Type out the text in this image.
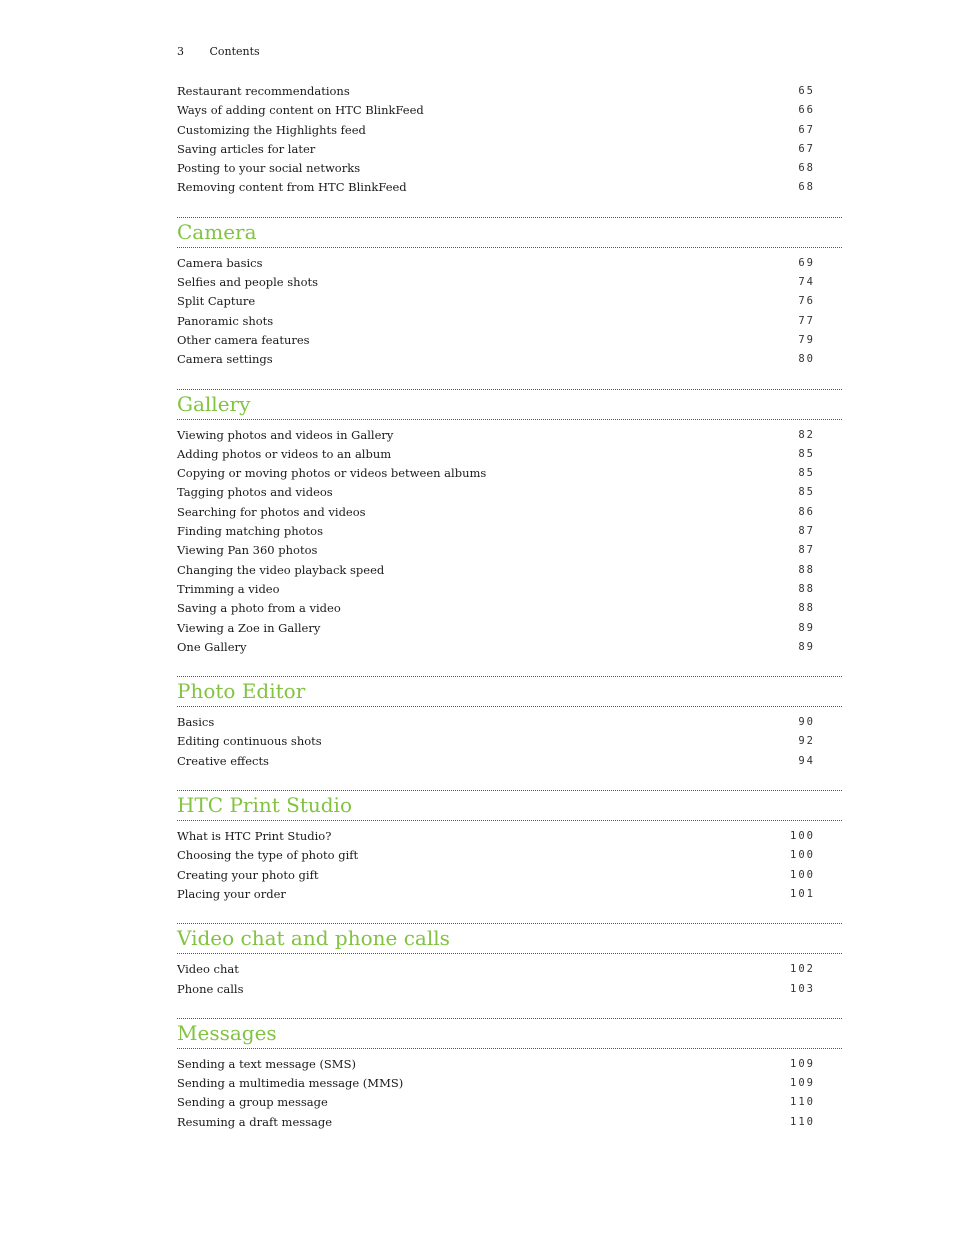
3 Contents
Restaurant recommendations	65
Ways of adding content on HTC BlinkFeed	66
Customizing the Highlights feed	67
Saving articles for later	67
Posting to your social networks	68
Removing content from HTC BlinkFeed	68
Camera
Camera basics	69
Selfies and people shots	74
Split Capture	76
Panoramic shots	77
Other camera features	79
Camera settings	80
Gallery
Viewing photos and videos in Gallery	82
Adding photos or videos to an album	85
Copying or moving photos or videos between albums	85
Tagging photos and videos	85
Searching for photos and videos	86
Finding matching photos	87
Viewing Pan 360 photos	87
Changing the video playback speed	88
Trimming a video	88
Saving a photo from a video	88
Viewing a Zoe in Gallery	89
One Gallery	89
Photo Editor
Basics	90
Editing continuous shots	92
Creative effects	94
HTC Print Studio
What is HTC Print Studio?	100
Choosing the type of photo gift	100
Creating your photo gift	100
Placing your order	101
Video chat and phone calls
Video chat	102
Phone calls	103
Messages
Sending a text message (SMS)	109
Sending a multimedia message (MMS)	109
Sending a group message	110
Resuming a draft message	110
